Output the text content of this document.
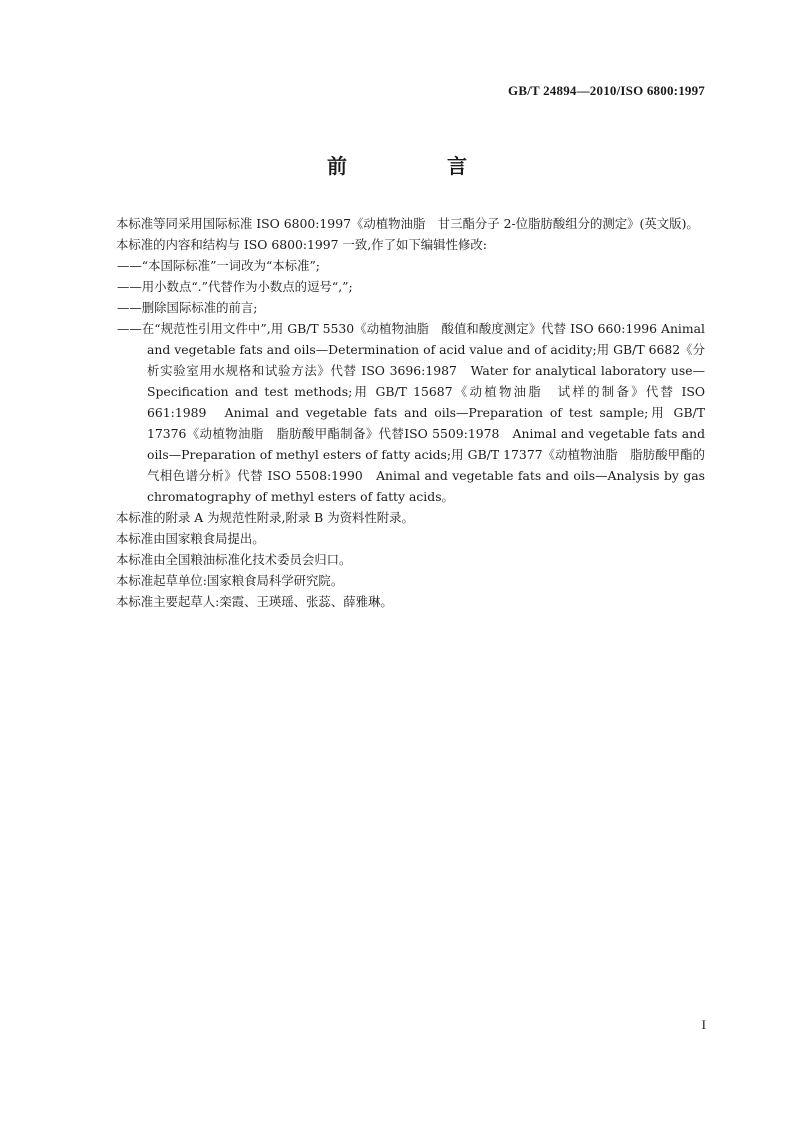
GB/T 24894—2010/ISO 6800:1997
前　言

本标准等同采用国际标准 ISO 6800:1997《动植物油脂　甘三酯分子 2-位脂肪酸组分的测定》(英文版)。

本标准的内容和结构与 ISO 6800:1997 一致,作了如下编辑性修改:

——“本国际标准”一词改为“本标准”;

——用小数点“.”代替作为小数点的逗号“,”;

——删除国际标准的前言;

——在“规范性引用文件中”,用 GB/T 5530《动植物油脂　酸值和酸度测定》代替 ISO 660:1996 Animal and vegetable fats and oils—Determination of acid value and of acidity;用 GB/T 6682《分析实验室用水规格和试验方法》代替 ISO 3696:1987　Water for analytical laboratory use—Specification and test methods;用 GB/T 15687《动植物油脂　试样的制备》代替 ISO 661:1989　Animal and vegetable fats and oils—Preparation of test sample;用 GB/T 17376《动植物油脂　脂肪酸甲酯制备》代替ISO 5509:1978　Animal and vegetable fats and oils—Preparation of methyl esters of fatty acids;用 GB/T 17377《动植物油脂　脂肪酸甲酯的气相色谱分析》代替 ISO 5508:1990　Animal and vegetable fats and oils—Analysis by gas chromatography of methyl esters of fatty acids。

本标准的附录 A 为规范性附录,附录 B 为资料性附录。

本标准由国家粮食局提出。

本标准由全国粮油标准化技术委员会归口。

本标准起草单位:国家粮食局科学研究院。

本标准主要起草人:栾霞、王瑛瑶、张蕊、薛雅琳。

I
